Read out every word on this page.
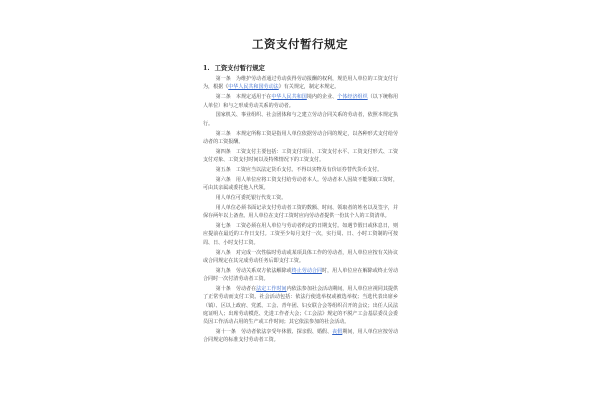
工资支付暂行规定
1. 工资支付暂行规定

第一条　为维护劳动者通过劳动获得劳动报酬的权利，规范用人单位的工资支付行为，根据《中华人民共和国劳动法》有关规定，制定本规定。

第二条　本规定适用于在中华人民共和国境内的企业、个体经济组织（以下统称用人单位）和与之形成劳动关系的劳动者。

国家机关、事业组织、社会团体和与之建立劳动合同关系的劳动者，依照本规定执行。

第三条　本规定所称工资是指用人单位依据劳动合同的规定，以各种形式支付给劳动者的工资报酬。

第四条　工资支付主要包括：工资支付项目、工资支付水平、工资支付形式、工资支付对象、工资支付时间以及特殊情况下的工资支付。

第五条　工资应当以法定货币支付。不得以实物及有价证券替代货币支付。

第六条　用人单位应将工资支付给劳动者本人。劳动者本人因故不能领取工资时，可由其亲属或委托他人代领。

用人单位可委托银行代发工资。

用人单位必须书面记录支付劳动者工资的数额、时间、领取者的姓名以及签字，并保存两年以上备查。用人单位在支付工资时应向劳动者提供一份其个人的工资清单。

第七条　工资必须在用人单位与劳动者约定的日期支付。如遇节假日或休息日，则应提前在最近的工作日支付。工资至少每月支付一次，实行周、日、小时工资制的可按周、日、小时支付工资。

第八条　对完成一次性临时劳动或某项具体工作的劳动者，用人单位应按有关协议或合同规定在其完成劳动任务后即支付工资。

第九条　劳动关系双方依法解除或终止劳动合同时，用人单位应在解除或终止劳动合同时一次付清劳动者工资。

第十条　劳动者在法定工作时间内依法参加社会活动期间，用人单位应视同其提供了正常劳动而支付工资。社会活动包括：依法行使选举权或被选举权；当选代表出席乡（镇）、区以上政府、党派、工会、青年团、妇女联合会等组织召开的会议；出任人民法庭证明人；出席劳动模范、先进工作者大会；《工会法》规定的不脱产工会基层委员会委员因工作活动占用的生产或工作时间；其它依法参加的社会活动。

第十一条　劳动者依法享受年休假、探亲假、婚假、丧假期间，用人单位应按劳动合同规定的标准支付劳动者工资。
